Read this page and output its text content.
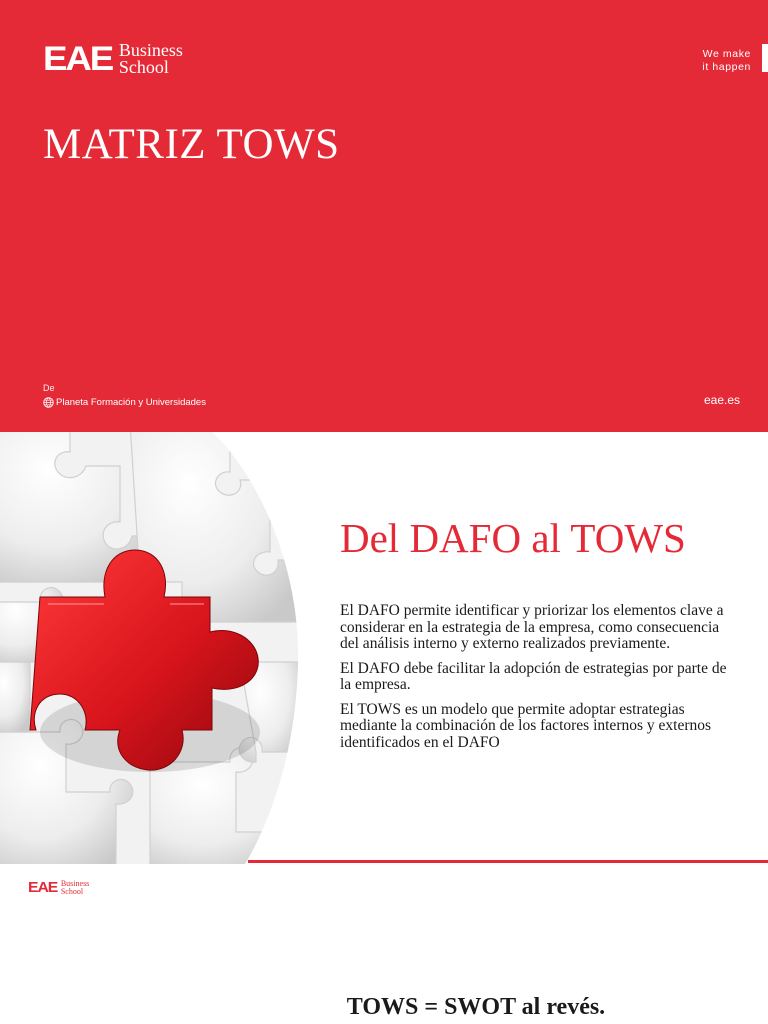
EAE Business
School
We make
it happen
MATRIZ TOWS
De
Planeta Formación y Universidades	eae.es
Del DAFO al TOWS

El DAFO permite identificar y priorizar los elementos clave a considerar en la estrategia de la empresa, como consecuencia del análisis interno y externo realizados previamente.

El DAFO debe facilitar la adopción de estrategias por parte de la empresa.

El TOWS es un modelo que permite adoptar estrategias mediante la combinación de los factores internos y externos identificados en el DAFO

EAE Business
School
TOWS = SWOT al revés.
